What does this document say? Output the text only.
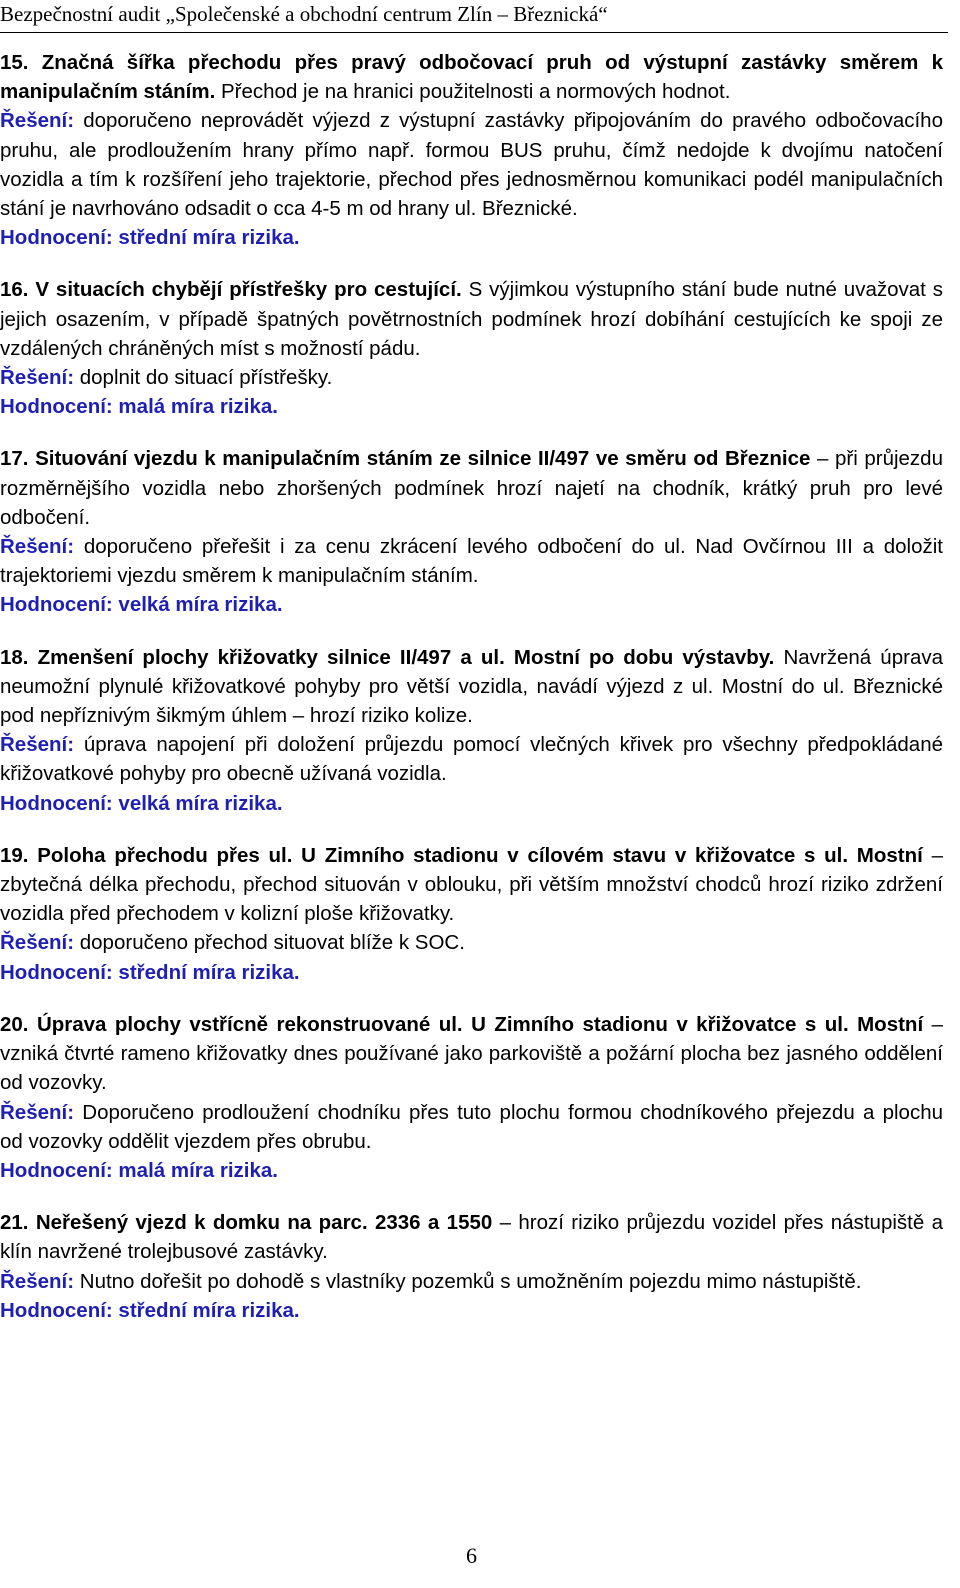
Bezpečnostní audit „Společenské a obchodní centrum Zlín – Březnická“

15. Značná šířka přechodu přes pravý odbočovací pruh od výstupní zastávky směrem k manipulačním stáním. Přechod je na hranici použitelnosti a normových hodnot.

Řešení: doporučeno neprovádět výjezd z výstupní zastávky připojováním do pravého odbočovacího pruhu, ale prodloužením hrany přímo např. formou BUS pruhu, čímž nedojde k dvojímu natočení vozidla a tím k rozšíření jeho trajektorie, přechod přes jednosměrnou komunikaci podél manipulačních stání je navrhováno odsadit o cca 4-5 m od hrany ul. Březnické.

Hodnocení: střední míra rizika.

16. V situacích chybějí přístřešky pro cestující. S výjimkou výstupního stání bude nutné uvažovat s jejich osazením, v případě špatných povětrnostních podmínek hrozí dobíhání cestujících ke spoji ze vzdálených chráněných míst s možností pádu.

Řešení: doplnit do situací přístřešky.

Hodnocení: malá míra rizika.

17. Situování vjezdu k manipulačním stáním ze silnice II/497 ve směru od Březnice – při průjezdu rozměrnějšího vozidla nebo zhoršených podmínek hrozí najetí na chodník, krátký pruh pro levé odbočení.

Řešení: doporučeno přeřešit i za cenu zkrácení levého odbočení do ul. Nad Ovčírnou III a doložit trajektoriemi vjezdu směrem k manipulačním stáním.

Hodnocení: velká míra rizika.

18. Zmenšení plochy křižovatky silnice II/497 a ul. Mostní po dobu výstavby. Navržená úprava neumožní plynulé křižovatkové pohyby pro větší vozidla, navádí výjezd z ul. Mostní do ul. Březnické pod nepříznivým šikmým úhlem – hrozí riziko kolize.

Řešení: úprava napojení při doložení průjezdu pomocí vlečných křivek pro všechny předpokládané křižovatkové pohyby pro obecně užívaná vozidla.

Hodnocení: velká míra rizika.

19. Poloha přechodu přes ul. U Zimního stadionu v cílovém stavu v křižovatce s ul. Mostní – zbytečná délka přechodu, přechod situován v oblouku, při větším množství chodců hrozí riziko zdržení vozidla před přechodem v kolizní ploše křižovatky.

Řešení: doporučeno přechod situovat blíže k SOC.

Hodnocení: střední míra rizika.

20. Úprava plochy vstřícně rekonstruované ul. U Zimního stadionu v křižovatce s ul. Mostní – vzniká čtvrté rameno křižovatky dnes používané jako parkoviště a požární plocha bez jasného oddělení od vozovky.

Řešení: Doporučeno prodloužení chodníku přes tuto plochu formou chodníkového přejezdu a plochu od vozovky oddělit vjezdem přes obrubu.

Hodnocení: malá míra rizika.

21. Neřešený vjezd k domku na parc. 2336 a 1550 – hrozí riziko průjezdu vozidel přes nástupiště a klín navržené trolejbusové zastávky.

Řešení: Nutno dořešit po dohodě s vlastníky pozemků s umožněním pojezdu mimo nástupiště.

Hodnocení: střední míra rizika.

6
